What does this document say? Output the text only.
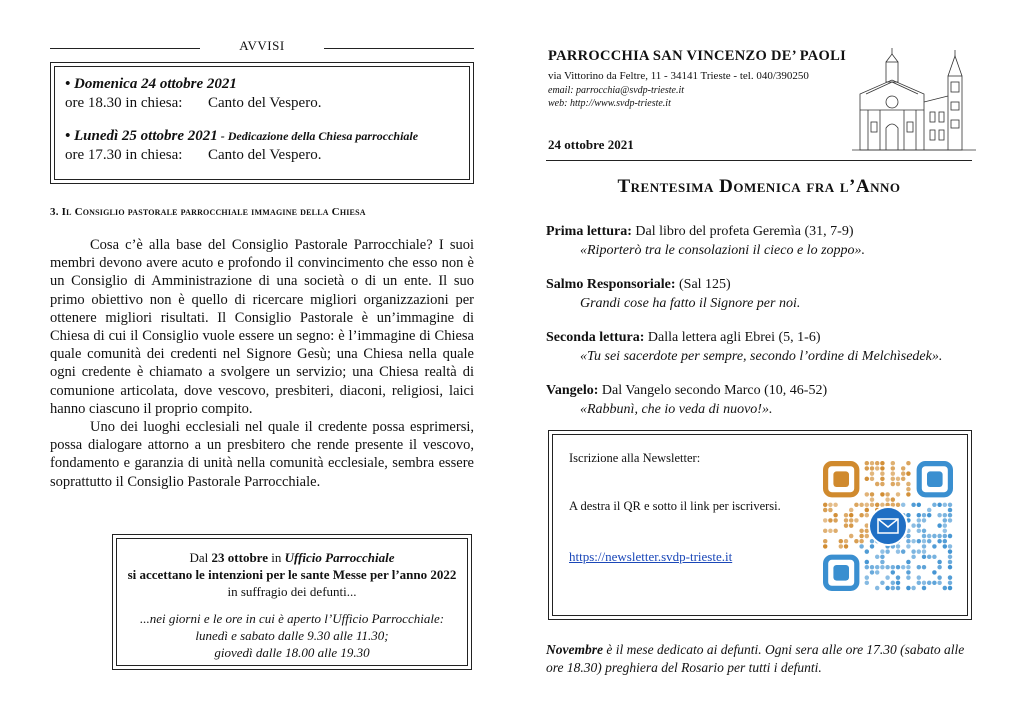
AVVISI
• Domenica 24 ottobre 2021
ore 18.30 in chiesa:	Canto del Vespero.
• Lunedì 25 ottobre 2021 - Dedicazione della Chiesa parrocchiale
ore 17.30 in chiesa:	Canto del Vespero.
3. Il Consiglio pastorale parrocchiale immagine della Chiesa

Cosa c’è alla base del Consiglio Pastorale Parrocchiale? I suoi membri devono avere acuto e profondo il convincimento che esso non è un Consiglio di Amministrazione di una società o di un ente. Il suo primo obiettivo non è quello di ricercare migliori organizzazioni per ottenere migliori risultati. Il Consiglio Pastorale è un’immagine di Chiesa di cui il Consiglio vuole essere un segno: è l’immagine di Chiesa quale comunità dei credenti nel Signore Gesù; una Chiesa nella quale ogni credente è chiamato a svolgere un servizio; una Chiesa realtà di comunione articolata, dove vescovo, presbiteri, diaconi, religiosi, laici hanno ciascuno il proprio compito.

Uno dei luoghi ecclesiali nel quale il credente possa esprimersi, possa dialogare attorno a un presbitero che rende presente il vescovo, fondamento e garanzia di unità nella comunità ecclesiale, sembra essere soprattutto il Consiglio Pastorale Parrocchiale.

Dal 23 ottobre in Ufficio Parrocchiale
si accettano le intenzioni per le sante Messe per l’anno 2022
in suffragio dei defunti...
...nei giorni e le ore in cui è aperto l’Ufficio Parrocchiale:
lunedì e sabato dalle 9.30 alle 11.30;
giovedì dalle 18.00 alle 19.30
PARROCCHIA SAN VINCENZO DE’ PAOLI
via Vittorino da Feltre, 11 - 34141 Trieste - tel. 040/390250
email: parrocchia@svdp-trieste.it
web: http://www.svdp-trieste.it
24 ottobre 2021
Trentesima Domenica fra l’Anno
Prima lettura: Dal libro del profeta Geremìa (31, 7-9)
«Riporterò tra le consolazioni il cieco e lo zoppo».
Salmo Responsoriale: (Sal 125)
Grandi cose ha fatto il Signore per noi.
Seconda lettura: Dalla lettera agli Ebrei (5, 1-6)
«Tu sei sacerdote per sempre, secondo l’ordine di Melchìsedek».
Vangelo: Dal Vangelo secondo Marco (10, 46-52)
«Rabbunì, che io veda di nuovo!».
Iscrizione alla Newsletter:
A destra il QR e sotto il link per iscriversi.
https://newsletter.svdp-trieste.it
Novembre è il mese dedicato ai defunti. Ogni sera alle ore 17.30 (sabato alle ore 18.30) preghiera del Rosario per tutti i defunti.
